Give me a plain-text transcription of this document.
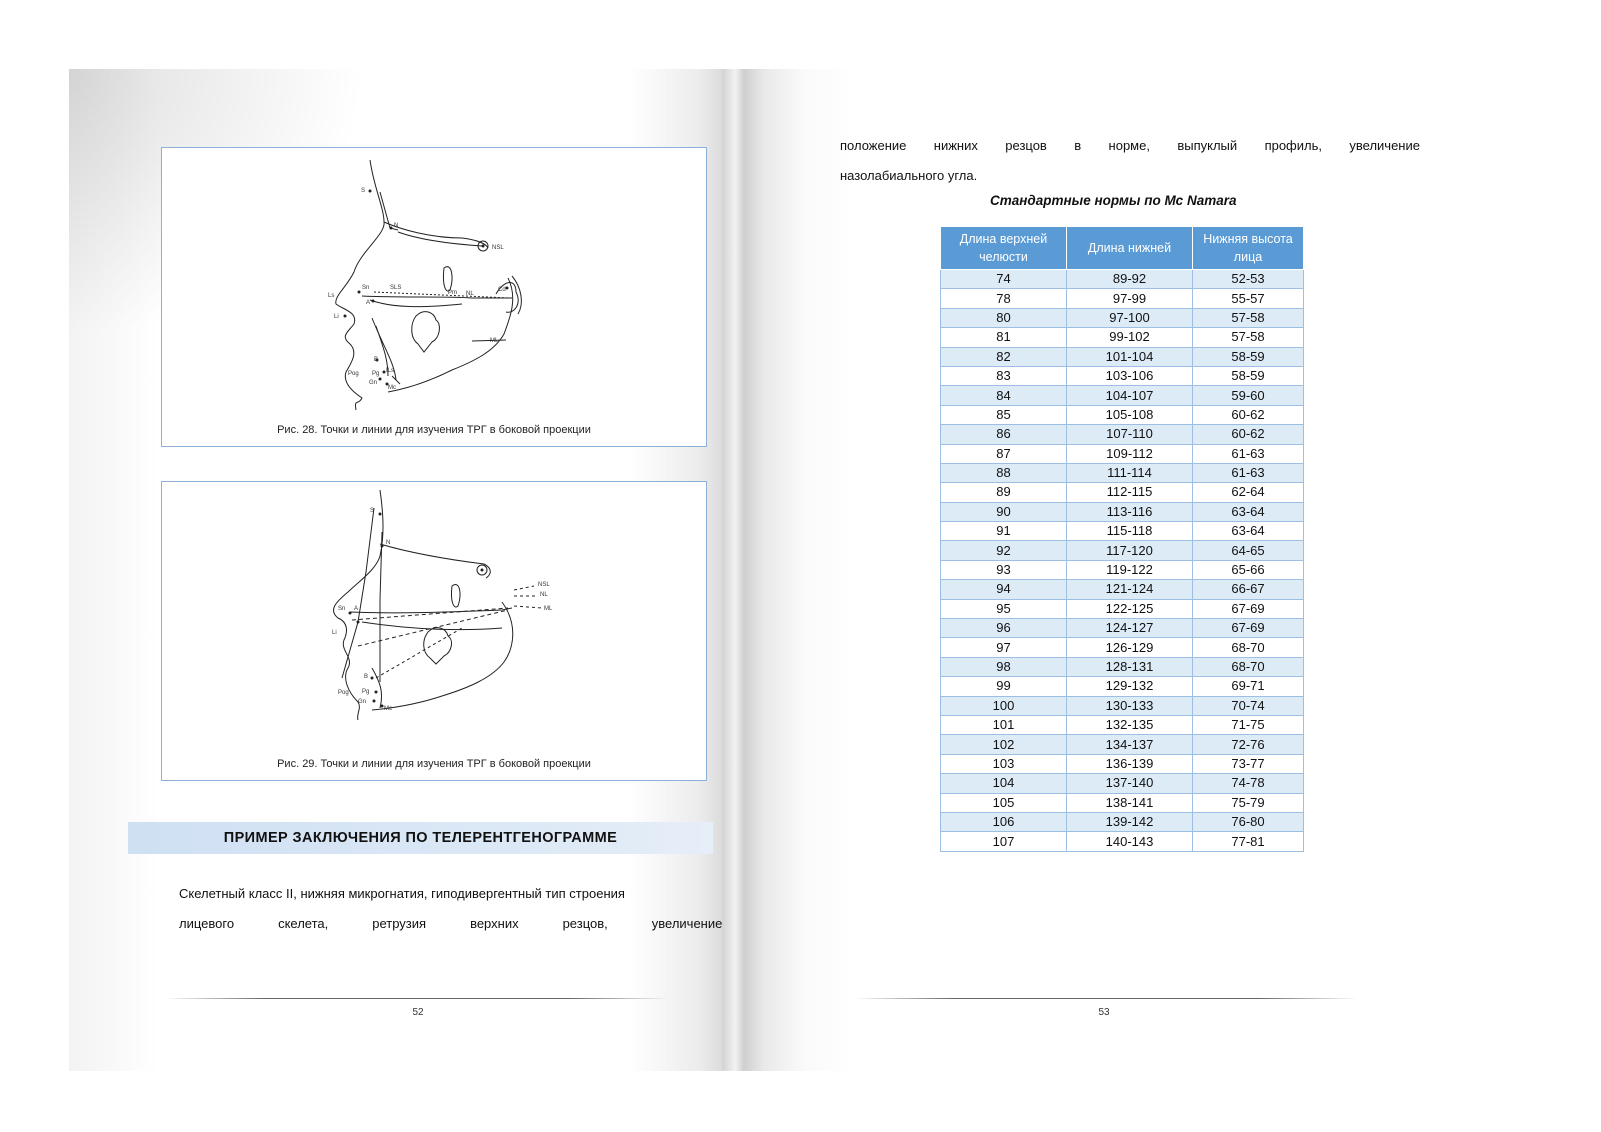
S
N
NSL
Sn
A
SLS
Pm NL
Cd
ML
Li
Ls
B
Pg
Gn
Mc
ILs
Pog
Рис. 28. Точки и линии для изучения ТРГ в боковой проекции
S
N
NSL
NL
ML
A
B
Pg
Gn
Mc
Pog
Li
Sn
Рис. 29. Точки и линии для изучения ТРГ в боковой проекции
ПРИМЕР ЗАКЛЮЧЕНИЯ ПО ТЕЛЕРЕНТГЕНОГРАММЕ
Скелетный класс II, нижняя микрогнатия, гиподивергентный тип строения
лицевого	скелета,	ретрузия	верхних	резцов,	увеличение
52
положение нижних резцов в норме, выпуклый профиль, увеличение
назолабиального угла.
Стандартные нормы по Mc Namara
Длина верхней челюсти	Длина нижней	Нижняя высота лица
74	89-92	52-53
78	97-99	55-57
80	97-100	57-58
81	99-102	57-58
82	101-104	58-59
83	103-106	58-59
84	104-107	59-60
85	105-108	60-62
86	107-110	60-62
87	109-112	61-63
88	111-114	61-63
89	112-115	62-64
90	113-116	63-64
91	115-118	63-64
92	117-120	64-65
93	119-122	65-66
94	121-124	66-67
95	122-125	67-69
96	124-127	67-69
97	126-129	68-70
98	128-131	68-70
99	129-132	69-71
100	130-133	70-74
101	132-135	71-75
102	134-137	72-76
103	136-139	73-77
104	137-140	74-78
105	138-141	75-79
106	139-142	76-80
107	140-143	77-81
53
